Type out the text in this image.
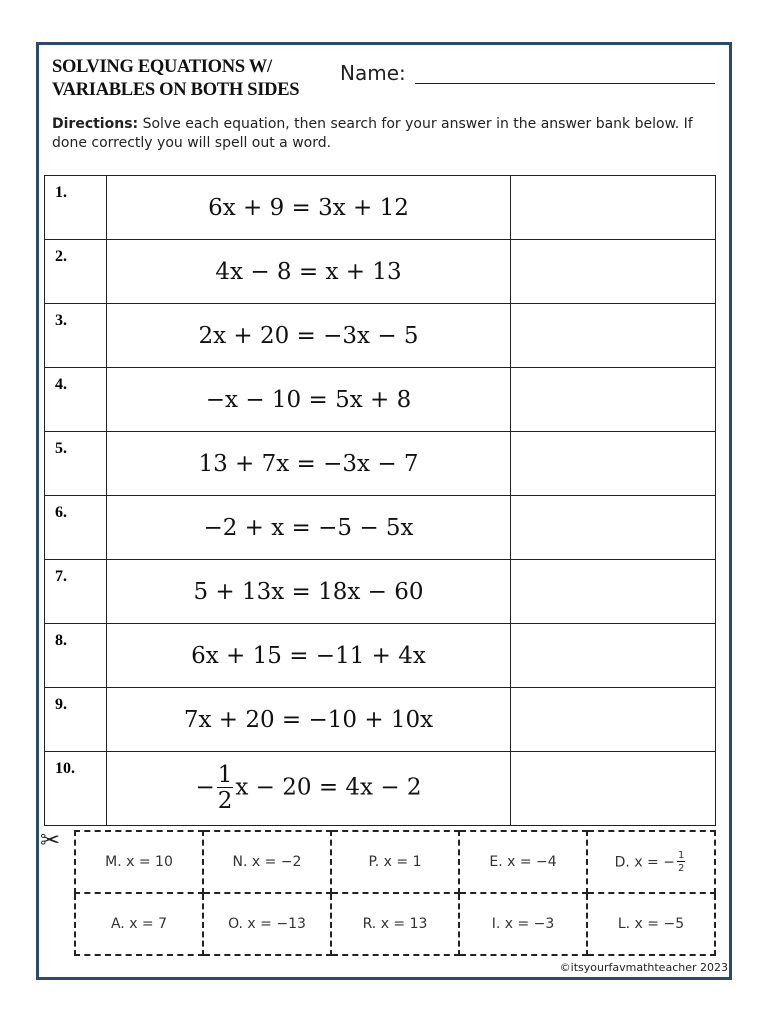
SOLVING EQUATIONS W/
VARIABLES ON BOTH SIDES
Name:
Directions: Solve each equation, then search for your answer in the answer bank below. If done correctly you will spell out a word.
1.	6x + 9 = 3x + 12	
2.	4x − 8 = x + 13	
3.	2x + 20 = −3x − 5	
4.	−x − 10 = 5x + 8	
5.	13 + 7x = −3x − 7	
6.	−2 + x = −5 − 5x	
7.	5 + 13x = 18x − 60	
8.	6x + 15 = −11 + 4x	
9.	7x + 20 = −10 + 10x	
10.	− $\frac{1}{2}$ x − 20 = 4x − 2	
✂
M. x = 10	N. x = −2	P. x = 1	E. x = −4	D. x = − $\frac{1}{2}$

A. x = 7	O. x = −13	R. x = 13	I. x = −3	L. x = −5
©itsyourfavmathteacher 2023
